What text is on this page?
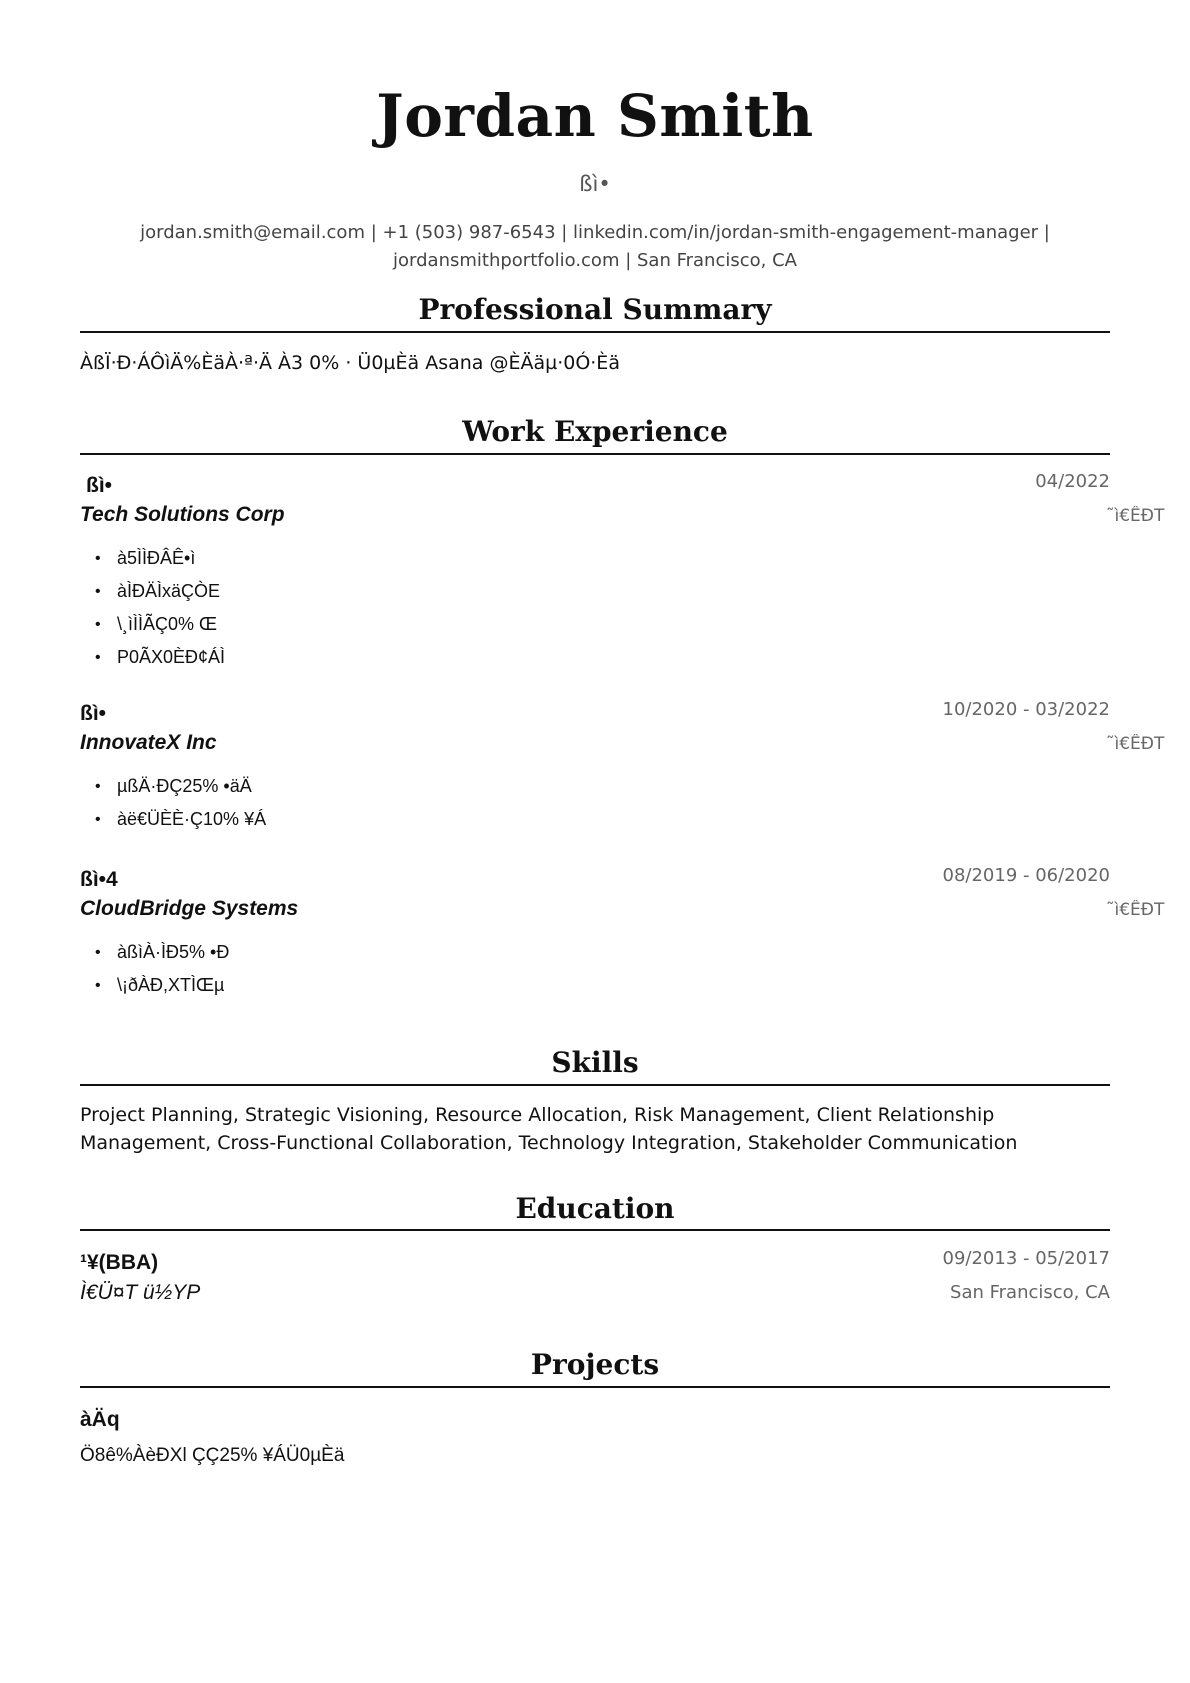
Jordan Smith
ßì•
jordan.smith@email.com | +1 (503) 987-6543 | linkedin.com/in/jordan-smith-engagement-manager |
jordansmithportfolio.com | San Francisco, CA
Professional Summary
ÀßÏ·Ð·ÁÔìÄ%ÈäÀ·ª·Ä À3 0% · Ü0µÈä Asana @ÈÄäµ·0Ó·Èä
Work Experience
ßì•	04/2022
Tech Solutions Corp	˜ì€ÊÐT
• à5ÌÌÐÂÊ•ì
• àÌÐÄÌxäÇÒE
• \¸ìÌÌÃÇ0% Œ
• P0ÃX0ÈÐ¢ÁÌ
ßì•	10/2020 - 03/2022
InnovateX Inc	˜ì€ÊÐT
• µßÄ·ÐÇ25% •äÄ
• àë€ÜÈÈ·Ç10% ¥Á
ßì•4	08/2019 - 06/2020
CloudBridge Systems	˜ì€ÊÐT
• àßìÀ·ÌÐ5% •Ð
• \¡ðÀÐ,XTÌŒµ
Skills
Project Planning, Strategic Visioning, Resource Allocation, Risk Management, Client Relationship Management, Cross-Functional Collaboration, Technology Integration, Stakeholder Communication
Education
¹¥(BBA)	09/2013 - 05/2017
Ì€Ü¤T ü½YP	San Francisco, CA
Projects
àÄq
Ö8ê%ÀèÐXl ÇÇ25% ¥ÁÜ0µÈä
